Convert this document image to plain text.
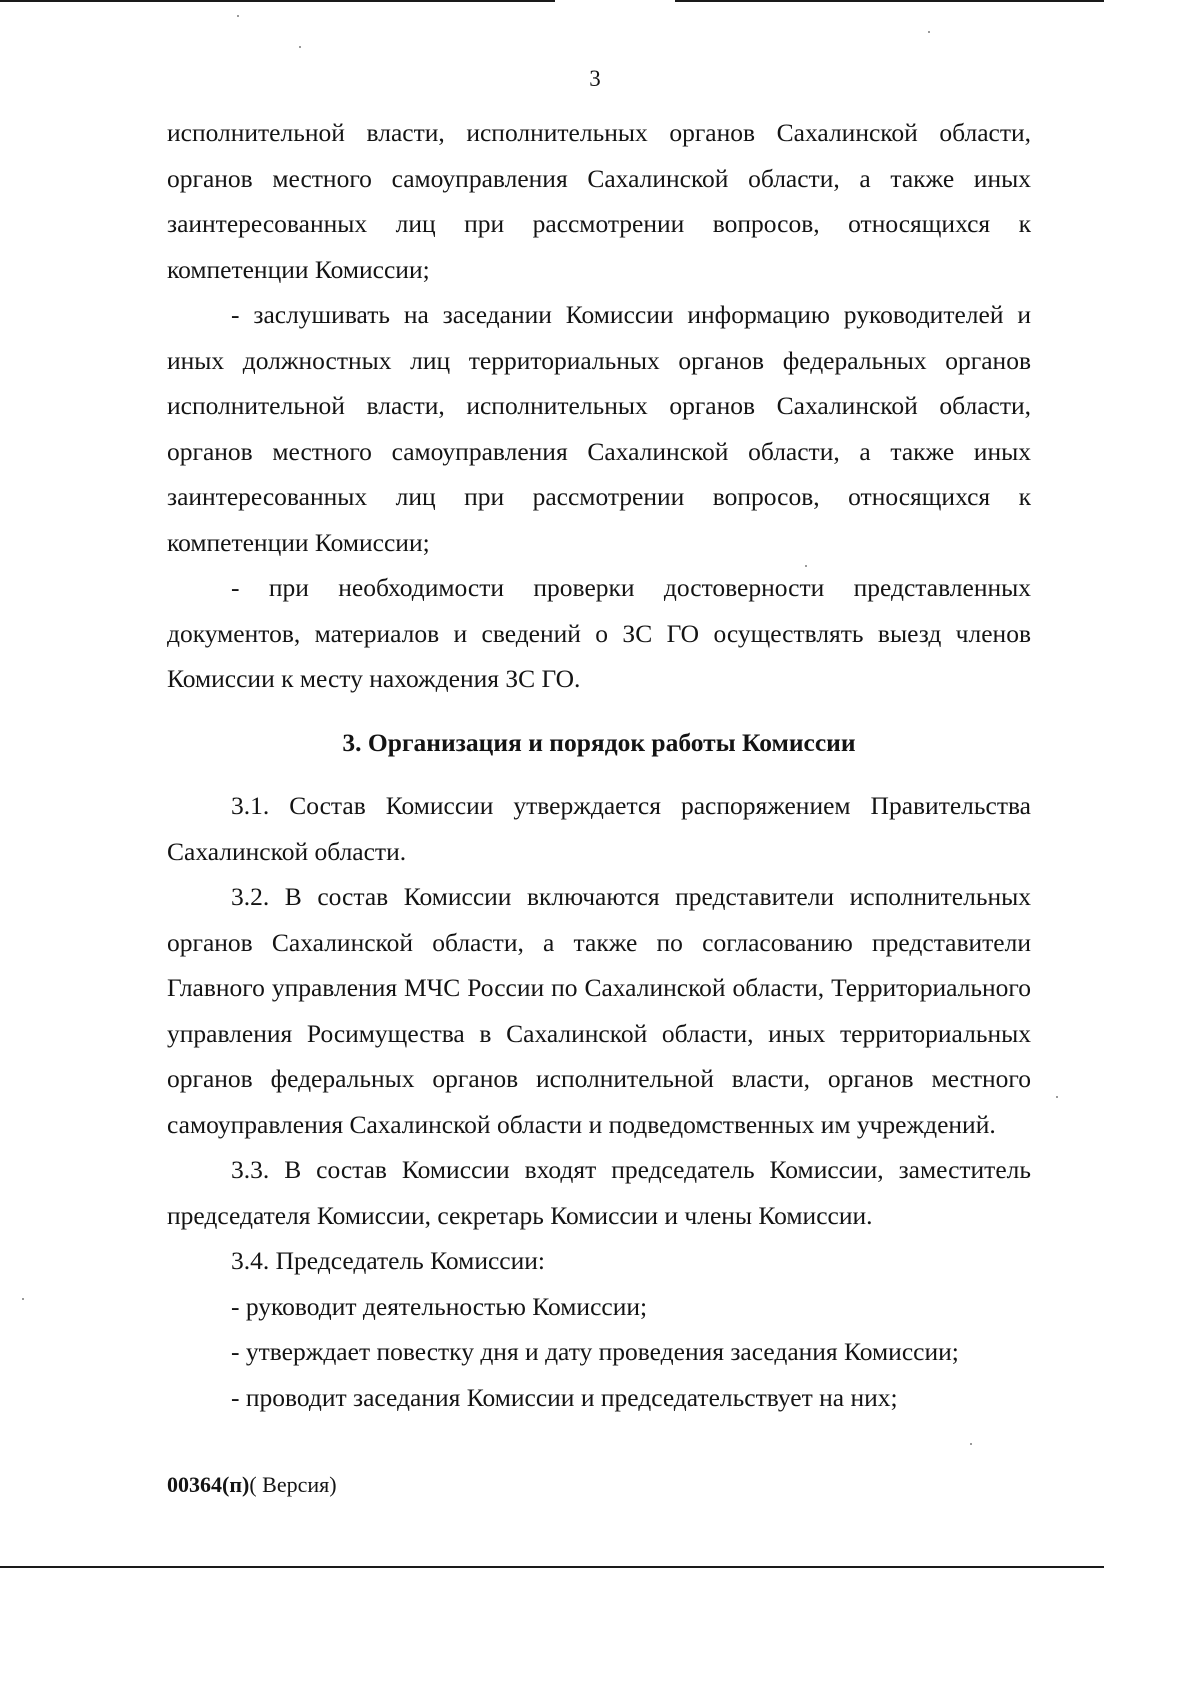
3

исполнительной власти, исполнительных органов Сахалинской области, органов местного самоуправления Сахалинской области, а также иных заинтересованных лиц при рассмотрении вопросов, относящихся к компетенции Комиссии;

- заслушивать на заседании Комиссии информацию руководителей и иных должностных лиц территориальных органов федеральных органов исполнительной власти, исполнительных органов Сахалинской области, органов местного самоуправления Сахалинской области, а также иных заинтересованных лиц при рассмотрении вопросов, относящихся к компетенции Комиссии;

- при необходимости проверки достоверности представленных документов, материалов и сведений о ЗС ГО осуществлять выезд членов Комиссии к месту нахождения ЗС ГО.

3. Организация и порядок работы Комиссии

3.1. Состав Комиссии утверждается распоряжением Правительства Сахалинской области.

3.2. В состав Комиссии включаются представители исполнительных органов Сахалинской области, а также по согласованию представители Главного управления МЧС России по Сахалинской области, Территориального управления Росимущества в Сахалинской области, иных территориальных органов федеральных органов исполнительной власти, органов местного самоуправления Сахалинской области и подведомственных им учреждений.

3.3. В состав Комиссии входят председатель Комиссии, заместитель председателя Комиссии, секретарь Комиссии и члены Комиссии.

3.4. Председатель Комиссии:

- руководит деятельностью Комиссии;

- утверждает повестку дня и дату проведения заседания Комиссии;

- проводит заседания Комиссии и председательствует на них;

00364(п)( Версия)
